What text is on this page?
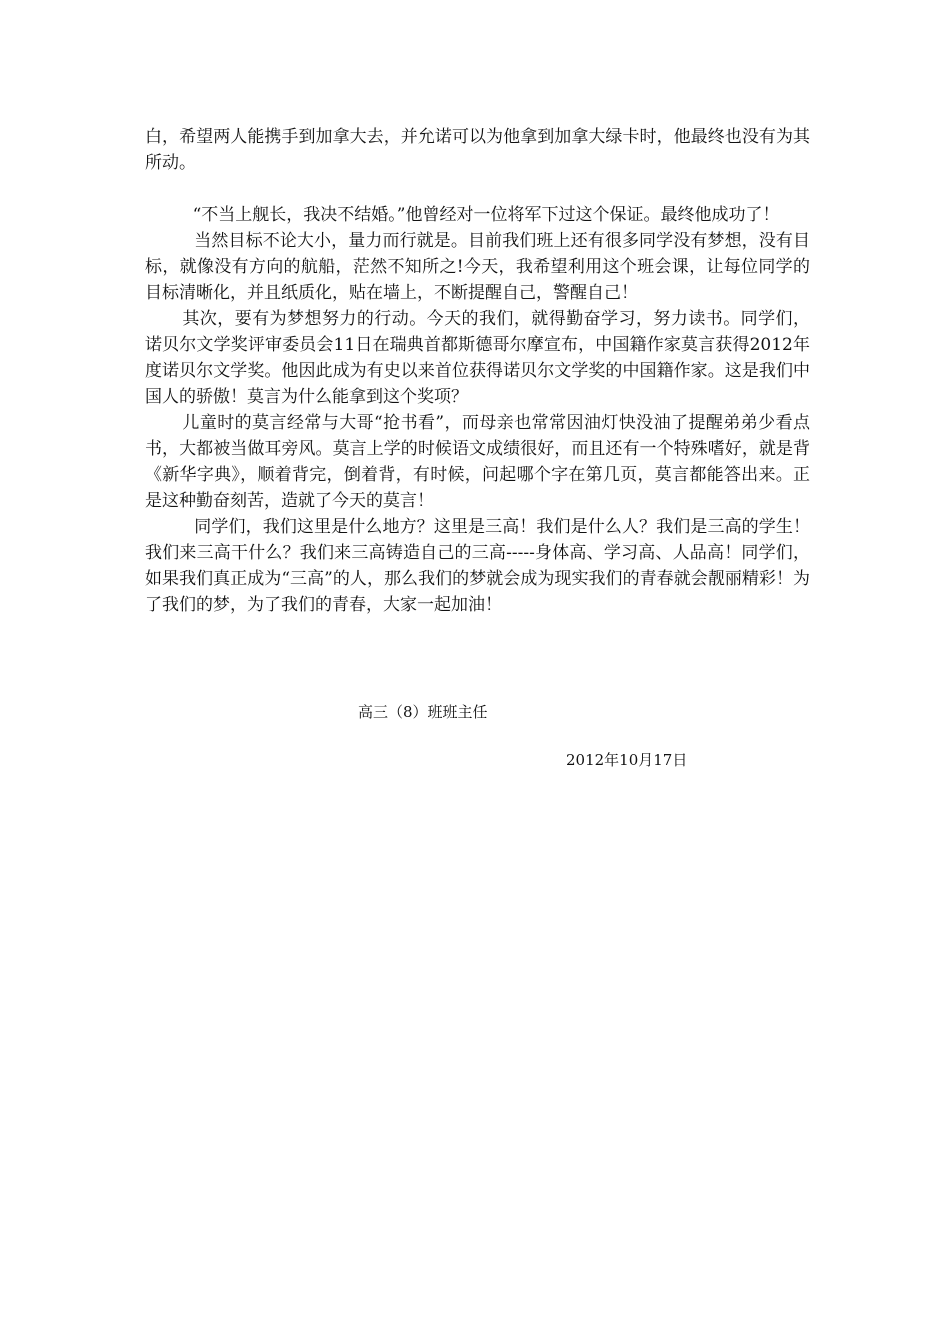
白，希望两人能携手到加拿大去，并允诺可以为他拿到加拿大绿卡时，他最终也没有为其所动。

“不当上舰长，我决不结婚。”他曾经对一位将军下过这个保证。最终他成功了！

当然目标不论大小，量力而行就是。目前我们班上还有很多同学没有梦想，没有目标，就像没有方向的航船，茫然不知所之!今天，我希望利用这个班会课，让每位同学的目标清晰化，并且纸质化，贴在墙上，不断提醒自己，警醒自己！

其次，要有为梦想努力的行动。今天的我们，就得勤奋学习，努力读书。同学们，诺贝尔文学奖评审委员会11日在瑞典首都斯德哥尔摩宣布，中国籍作家莫言获得2012年度诺贝尔文学奖。他因此成为有史以来首位获得诺贝尔文学奖的中国籍作家。这是我们中国人的骄傲！莫言为什么能拿到这个奖项？

儿童时的莫言经常与大哥“抢书看”，而母亲也常常因油灯快没油了提醒弟弟少看点书，大都被当做耳旁风。莫言上学的时候语文成绩很好，而且还有一个特殊嗜好，就是背《新华字典》，顺着背完，倒着背，有时候，问起哪个字在第几页，莫言都能答出来。正是这种勤奋刻苦，造就了今天的莫言！

同学们，我们这里是什么地方？这里是三高！我们是什么人？我们是三高的学生！我们来三高干什么？我们来三高铸造自己的三高-----身体高、学习高、人品高！同学们，如果我们真正成为“三高”的人，那么我们的梦就会成为现实我们的青春就会靓丽精彩！为了我们的梦，为了我们的青春，大家一起加油！

高三（8）班班主任
2012年10月17日
